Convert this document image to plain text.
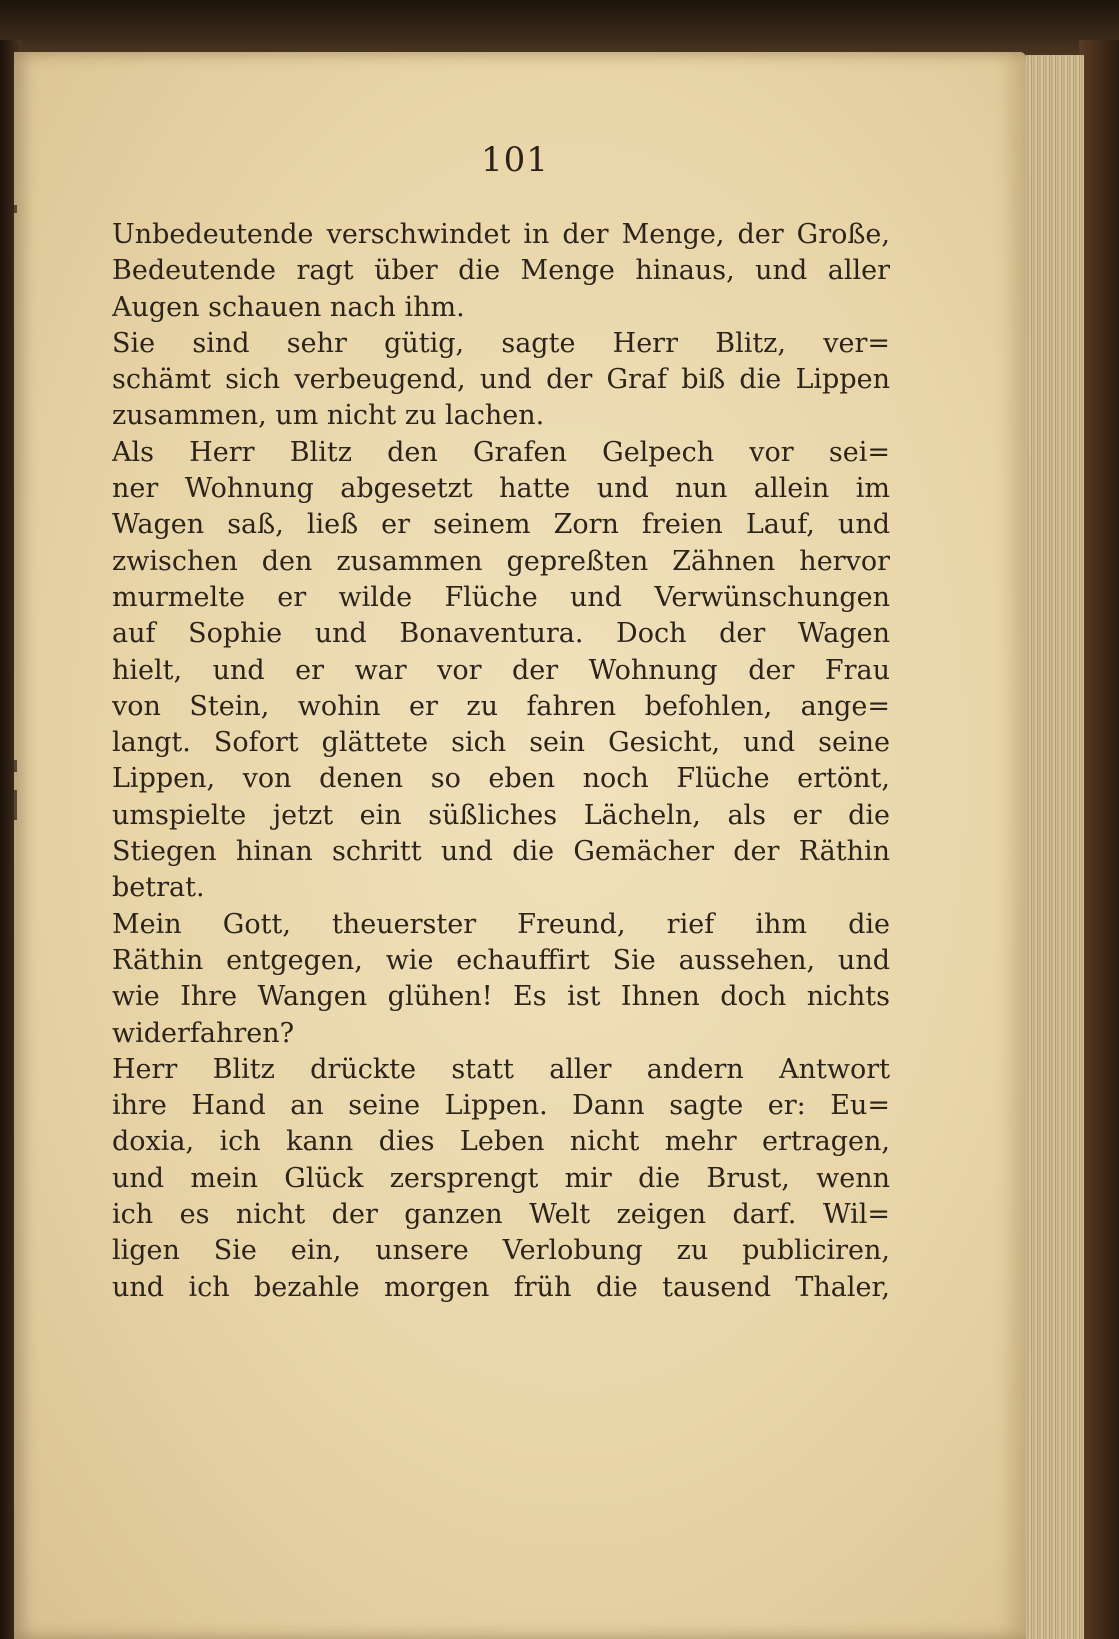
101
Unbedeutende verschwindet in der Menge, der Große,
Bedeutende ragt über die Menge hinaus, und aller
Augen schauen nach ihm.
Sie sind sehr gütig, sagte Herr Blitz, ver=
schämt sich verbeugend, und der Graf biß die Lippen
zusammen, um nicht zu lachen.
Als Herr Blitz den Grafen Gelpech vor sei=
ner Wohnung abgesetzt hatte und nun allein im
Wagen saß, ließ er seinem Zorn freien Lauf, und
zwischen den zusammen gepreßten Zähnen hervor
murmelte er wilde Flüche und Verwünschungen
auf Sophie und Bonaventura. Doch der Wagen
hielt, und er war vor der Wohnung der Frau
von Stein, wohin er zu fahren befohlen, ange=
langt. Sofort glättete sich sein Gesicht, und seine
Lippen, von denen so eben noch Flüche ertönt,
umspielte jetzt ein süßliches Lächeln, als er die
Stiegen hinan schritt und die Gemächer der Räthin
betrat.
Mein Gott, theuerster Freund, rief ihm die
Räthin entgegen, wie echauffirt Sie aussehen, und
wie Ihre Wangen glühen! Es ist Ihnen doch nichts
widerfahren?
Herr Blitz drückte statt aller andern Antwort
ihre Hand an seine Lippen. Dann sagte er: Eu=
doxia, ich kann dies Leben nicht mehr ertragen,
und mein Glück zersprengt mir die Brust, wenn
ich es nicht der ganzen Welt zeigen darf. Wil=
ligen Sie ein, unsere Verlobung zu publiciren,
und ich bezahle morgen früh die tausend Thaler,
